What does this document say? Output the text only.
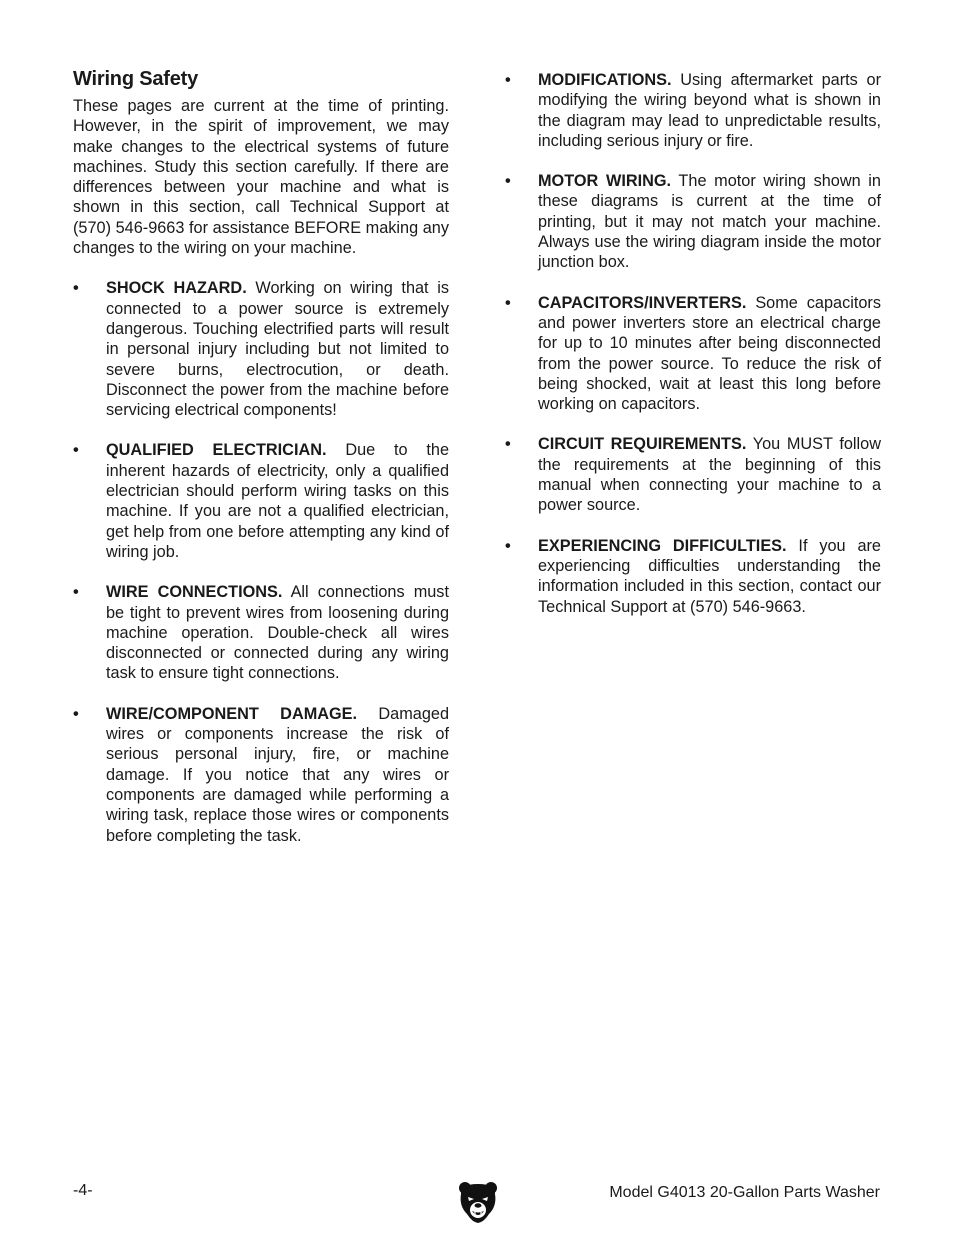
Wiring Safety

These pages are current at the time of printing. However, in the spirit of improvement, we may make changes to the electrical systems of future machines. Study this section carefully. If there are differences between your machine and what is shown in this section, call Technical Support at (570) 546-9663 for assistance BEFORE making any changes to the wiring on your machine.

• SHOCK HAZARD. Working on wiring that is connected to a power source is extremely dangerous. Touching electrified parts will result in personal injury including but not limited to severe burns, electrocution, or death. Disconnect the power from the machine before servicing electrical components!
• QUALIFIED ELECTRICIAN. Due to the inherent hazards of electricity, only a qualified electrician should perform wiring tasks on this machine. If you are not a qualified electrician, get help from one before attempting any kind of wiring job.
• WIRE CONNECTIONS. All connections must be tight to prevent wires from loosening during machine operation. Double-check all wires disconnected or connected during any wiring task to ensure tight connections.
• WIRE/COMPONENT DAMAGE. Damaged wires or components increase the risk of serious personal injury, fire, or machine damage. If you notice that any wires or components are damaged while performing a wiring task, replace those wires or components before completing the task.
• MODIFICATIONS. Using aftermarket parts or modifying the wiring beyond what is shown in the diagram may lead to unpredictable results, including serious injury or fire.
• MOTOR WIRING. The motor wiring shown in these diagrams is current at the time of printing, but it may not match your machine. Always use the wiring diagram inside the motor junction box.
• CAPACITORS/INVERTERS. Some capacitors and power inverters store an electrical charge for up to 10 minutes after being disconnected from the power source. To reduce the risk of being shocked, wait at least this long before working on capacitors.
• CIRCUIT REQUIREMENTS. You MUST follow the requirements at the beginning of this manual when connecting your machine to a power source.
• EXPERIENCING DIFFICULTIES. If you are experiencing difficulties understanding the information included in this section, contact our Technical Support at (570) 546-9663.
-4-	Model G4013 20-Gallon Parts Washer
